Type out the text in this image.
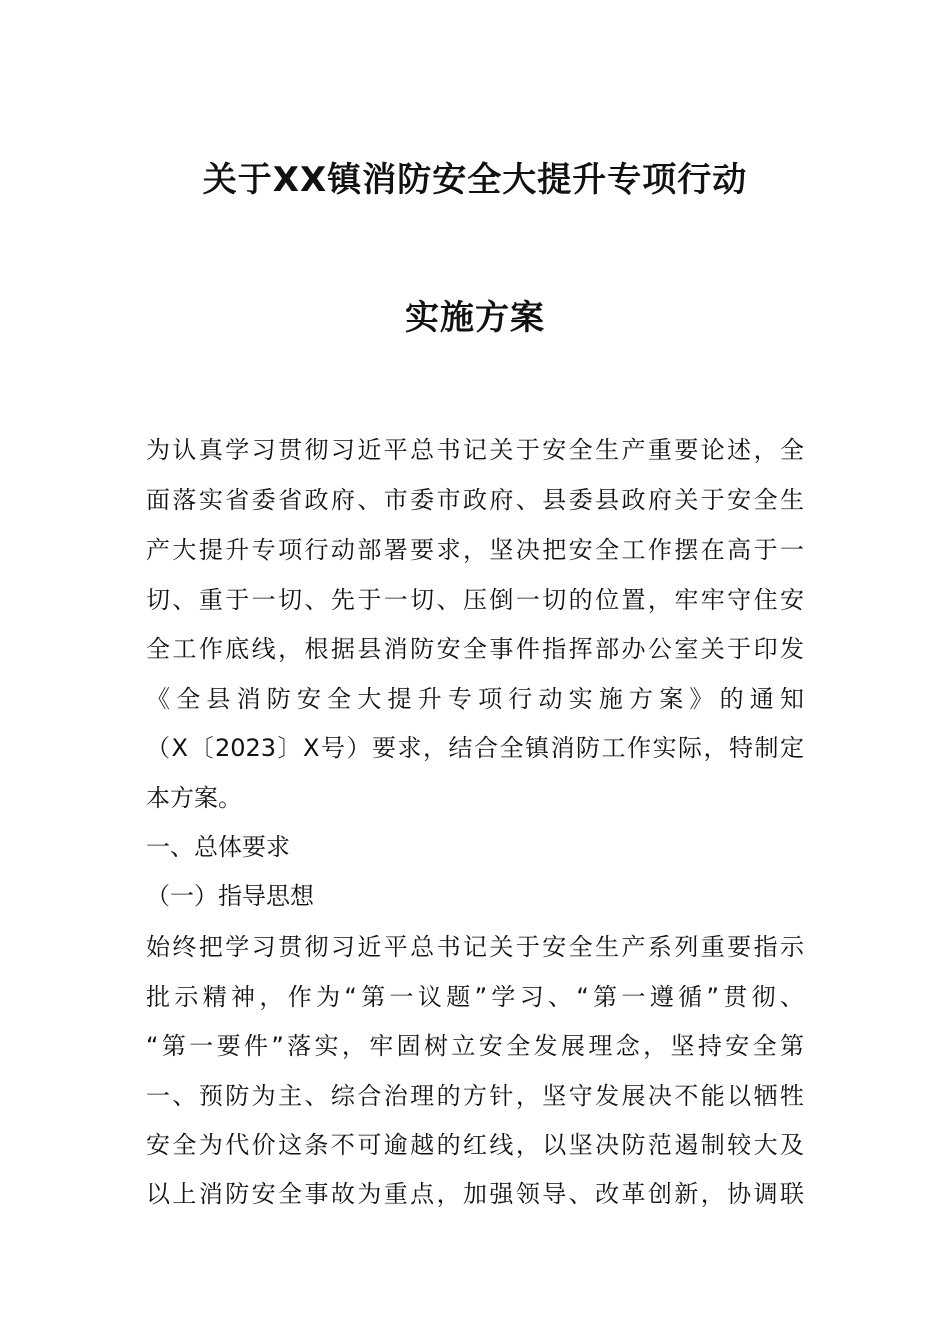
关于XX镇消防安全大提升专项行动
实施方案
为认真学习贯彻习近平总书记关于安全生产重要论述，全
面落实省委省政府、市委市政府、县委县政府关于安全生
产大提升专项行动部署要求，坚决把安全工作摆在高于一
切、重于一切、先于一切、压倒一切的位置，牢牢守住安
全工作底线，根据县消防安全事件指挥部办公室关于印发
《全县消防安全大提升专项行动实施方案》的通知
（X〔2023〕X号）要求，结合全镇消防工作实际，特制定
本方案。
一、总体要求
（一）指导思想
始终把学习贯彻习近平总书记关于安全生产系列重要指示
批示精神，作为“第一议题”学习、“第一遵循”贯彻、
“第一要件”落实，牢固树立安全发展理念，坚持安全第
一、预防为主、综合治理的方针，坚守发展决不能以牺牲
安全为代价这条不可逾越的红线，以坚决防范遏制较大及
以上消防安全事故为重点，加强领导、改革创新，协调联
